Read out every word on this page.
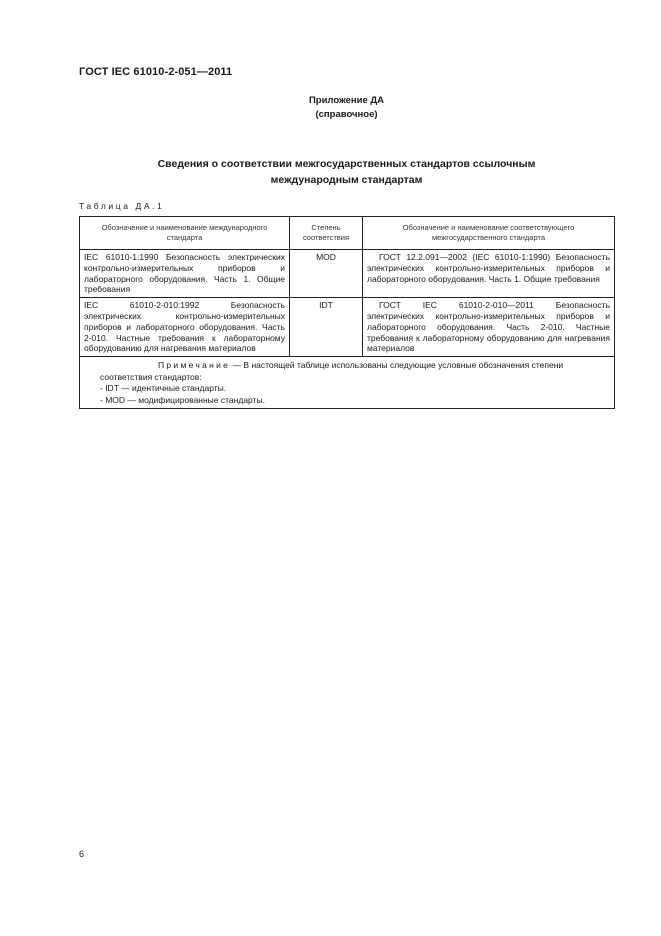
ГОСТ IEC 61010-2-051—2011
Приложение ДА
(справочное)
Сведения о соответствии межгосударственных стандартов ссылочным
международным стандартам
Таблица ДА.1
Обозначение и наименование международного стандарта	Степень соответствия	Обозначение и наименование соответствующего межгосударственного стандарта
IEC 61010-1:1990 Безопасность электрических контрольно-измерительных приборов и лабораторного оборудования. Часть 1. Общие требования	MOD	ГОСТ 12.2.091—2002 (IEC 61010-1:1990) Безопасность электрических контрольно-измерительных приборов и лабораторного оборудования. Часть 1. Общие требования
IEC 61010-2-010:1992 Безопасность электрических контрольно-измерительных приборов и лабораторного оборудования. Часть 2-010. Частные требования к лабораторному оборудованию для нагревания материалов	IDT	ГОСТ IEC 61010-2-010—2011 Безопасность электрических контрольно-измерительных приборов и лабораторного оборудования. Часть 2-010. Частные требования к лабораторному оборудованию для нагревания материалов

Примечание — В настоящей таблице использованы следующие условные обозначения степени соответствия стандартов:
- IDT — идентичные стандарты.
- MOD — модифицированные стандарты.		
6
